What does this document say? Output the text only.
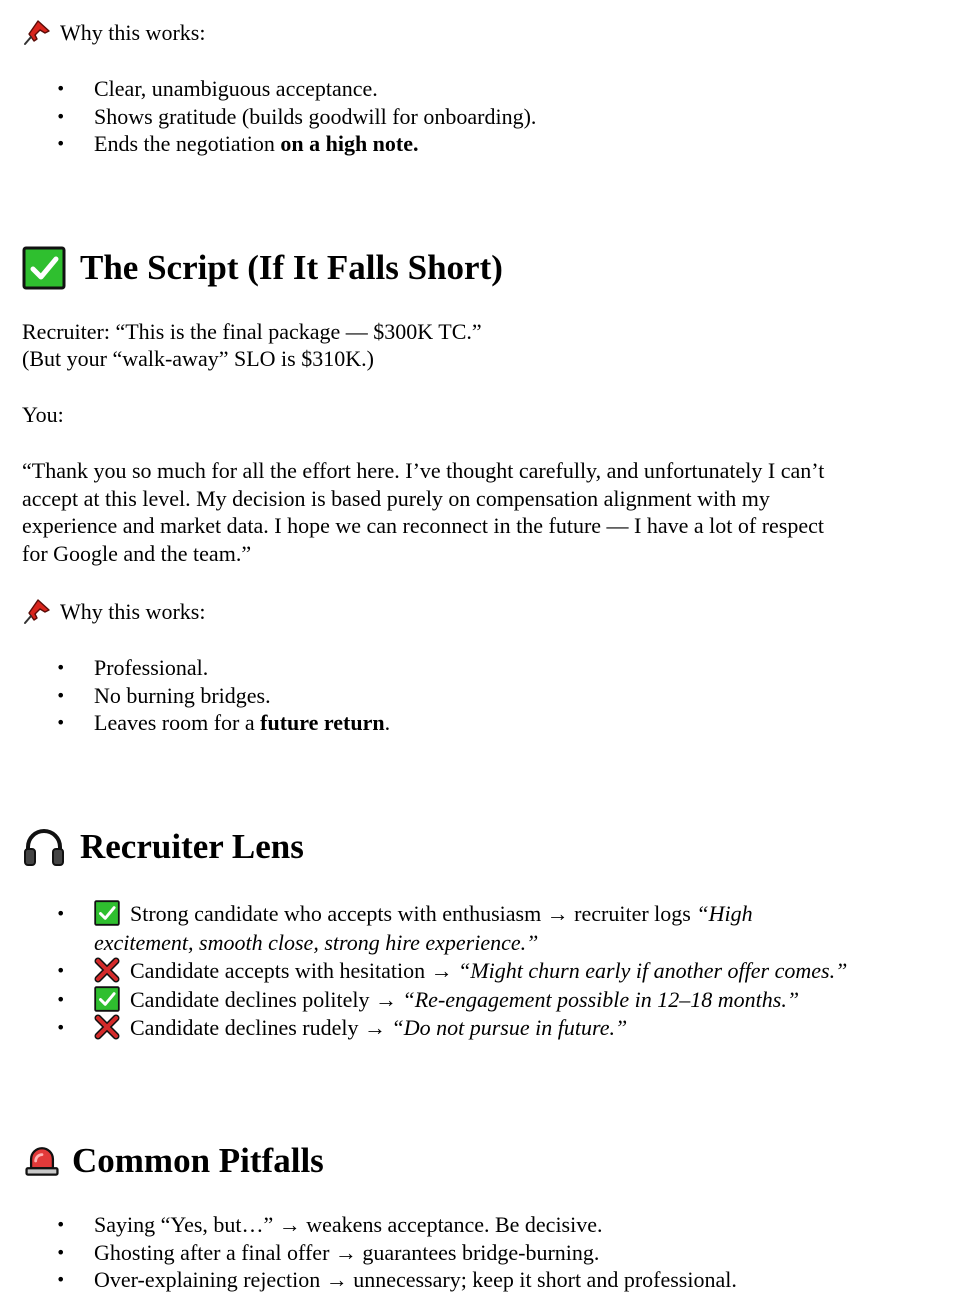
Why this works:
• Clear, unambiguous acceptance.
• Shows gratitude (builds goodwill for onboarding).
• Ends the negotiation on a high note.
The Script (If It Falls Short)
Recruiter: “This is the final package — $300K TC.”
(But your “walk-away” SLO is $310K.)
You:
“Thank you so much for all the effort here. I’ve thought carefully, and unfortunately I can’t
accept at this level. My decision is based purely on compensation alignment with my
experience and market data. I hope we can reconnect in the future — I have a lot of respect
for Google and the team.”
Why this works:
• Professional.
• No burning bridges.
• Leaves room for a future return.
Recruiter Lens
• Strong candidate who accepts with enthusiasm → recruiter logs “High excitement, smooth close, strong hire experience.”
• Candidate accepts with hesitation → “Might churn early if another offer comes.”
• Candidate declines politely → “Re-engagement possible in 12–18 months.”
• Candidate declines rudely → “Do not pursue in future.”
Common Pitfalls
• Saying “Yes, but…” → weakens acceptance. Be decisive.
• Ghosting after a final offer → guarantees bridge-burning.
• Over-explaining rejection → unnecessary; keep it short and professional.
